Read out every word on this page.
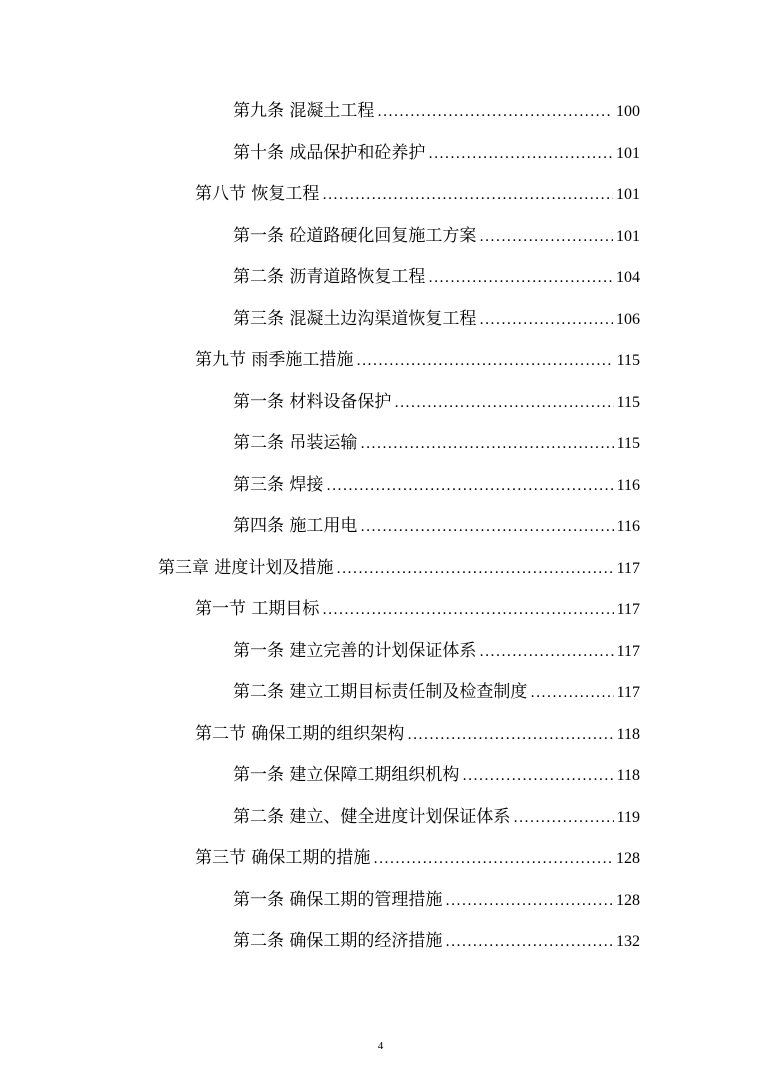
第九条 混凝土工程 .....	100
第十条 成品保护和砼养护 .....	101
第八节 恢复工程 .....	101
第一条 砼道路硬化回复施工方案 .....	101
第二条 沥青道路恢复工程 .....	104
第三条 混凝土边沟渠道恢复工程 .....	106
第九节 雨季施工措施 .....	115
第一条 材料设备保护 .....	115
第二条 吊装运输 .....	115
第三条 焊接 .....	116
第四条 施工用电 .....	116
第三章 进度计划及措施 .....	117
第一节 工期目标 .....	117
第一条 建立完善的计划保证体系 .....	117
第二条 建立工期目标责任制及检查制度 .....	117
第二节 确保工期的组织架构 .....	118
第一条 建立保障工期组织机构 .....	118
第二条 建立、健全进度计划保证体系 .....	119
第三节 确保工期的措施 .....	128
第一条 确保工期的管理措施 .....	128
第二条 确保工期的经济措施 .....	132
4
